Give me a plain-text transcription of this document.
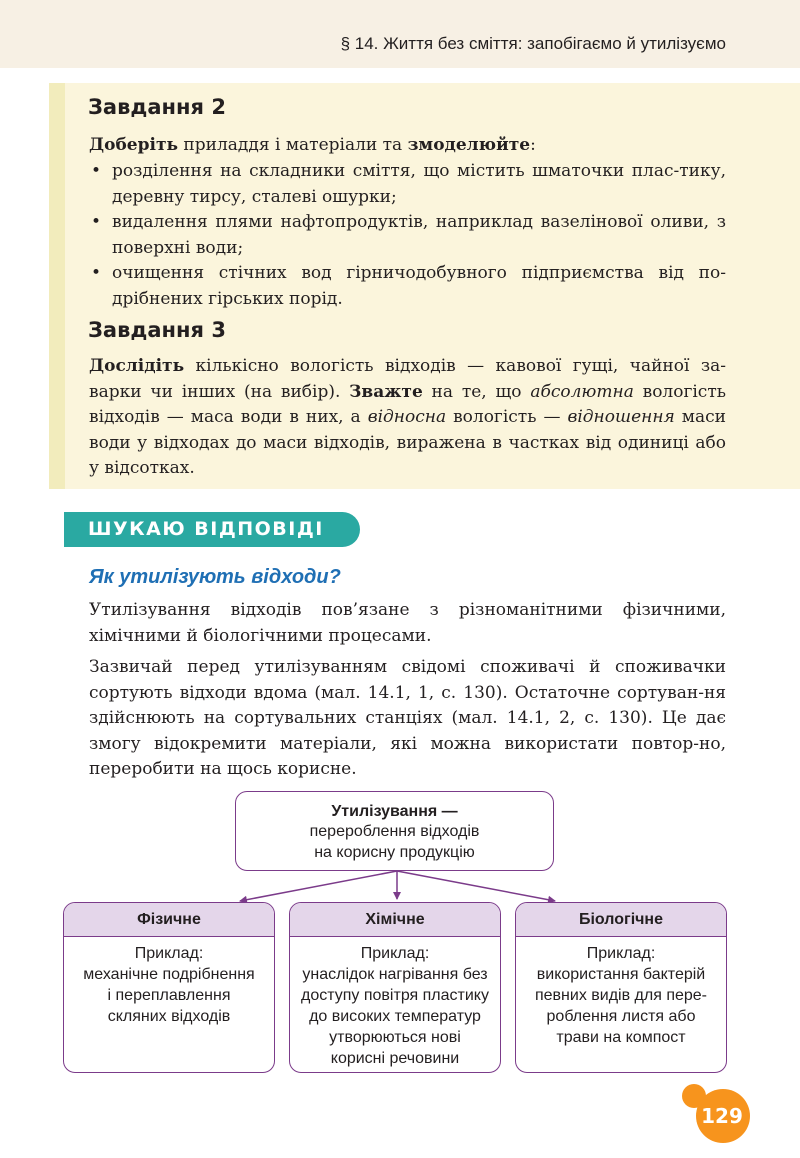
§ 14. Життя без сміття: запобігаємо й утилізуємо
Завдання 2

Доберіть приладдя і матеріали та змоделюйте:

• розділення на складники сміття, що містить шматочки плас-тику, деревну тирсу, сталеві ошурки;
• видалення плями нафтопродуктів, наприклад вазелінової оливи, з поверхні води;
• очищення стічних вод гірничодобувного підприємства від по-дрібнених гірських порід.
Завдання 3

Дослідіть кількісно вологість відходів — кавової гущі, чайної за-варки чи інших (на вибір). Зважте на те, що абсолютна вологість відходів — маса води в них, а відносна вологість — відношення маси води у відходах до маси відходів, виражена в частках від одиниці або у відсотках.

ШУКАЮ ВІДПОВІДІ
Як утилізують відходи?

Утилізування відходів пов’язане з різноманітними фізичними, хімічними й біологічними процесами.

Зазвичай перед утилізуванням свідомі споживачі й споживачки сортують відходи вдома (мал. 14.1, 1, с. 130). Остаточне сортуван-ня здійснюють на сортувальних станціях (мал. 14.1, 2, с. 130). Це дає змогу відокремити матеріали, які можна використати повтор-но, переробити на щось корисне.

Утилізування —
перероблення відходів
на корисну продукцію
Фізичне
Приклад:
механічне подрібнення
і переплавлення
скляних відходів
Хімічне
Приклад:
унаслідок нагрівання без
доступу повітря пластику
до високих температур
утворюються нові
корисні речовини
Біологічне
Приклад:
використання бактерій
певних видів для пере-
роблення листя або
трави на компост
129
